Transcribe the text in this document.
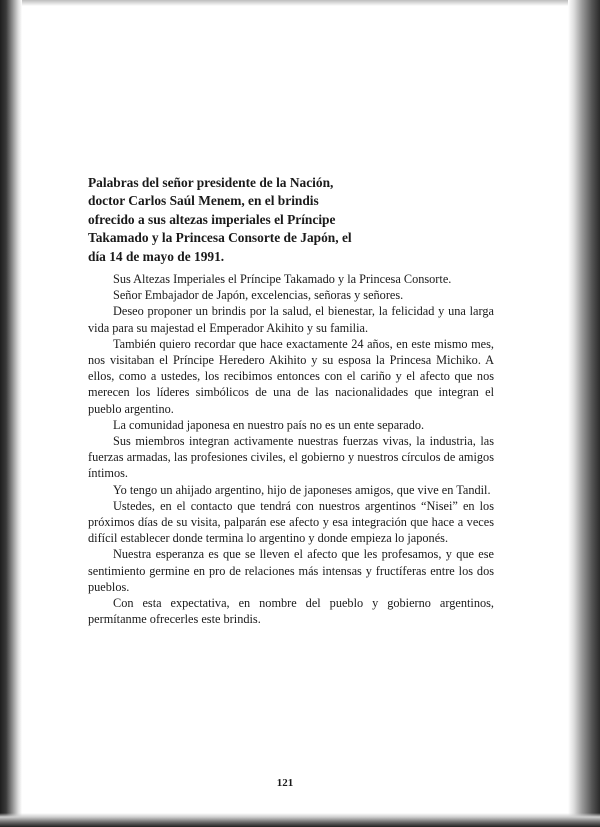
Palabras del señor presidente de la Nación,
doctor Carlos Saúl Menem, en el brindis
ofrecido a sus altezas imperiales el Príncipe
Takamado y la Princesa Consorte de Japón, el
día 14 de mayo de 1991.

Sus Altezas Imperiales el Príncipe Takamado y la Princesa Consorte.

Señor Embajador de Japón, excelencias, señoras y señores.

Deseo proponer un brindis por la salud, el bienestar, la felicidad y una larga vida para su majestad el Emperador Akihito y su familia.

También quiero recordar que hace exactamente 24 años, en este mismo mes, nos visitaban el Príncipe Heredero Akihito y su esposa la Princesa Michiko. A ellos, como a ustedes, los recibimos entonces con el cariño y el afecto que nos merecen los líderes simbólicos de una de las nacionalidades que integran el pueblo argentino.

La comunidad japonesa en nuestro país no es un ente separado.

Sus miembros integran activamente nuestras fuerzas vivas, la industria, las fuerzas armadas, las profesiones civiles, el gobierno y nuestros círculos de amigos íntimos.

Yo tengo un ahijado argentino, hijo de japoneses amigos, que vive en Tandil.

Ustedes, en el contacto que tendrá con nuestros argentinos “Nisei” en los próximos días de su visita, palparán ese afecto y esa integración que hace a veces difícil establecer donde termina lo argentino y donde empieza lo japonés.

Nuestra esperanza es que se lleven el afecto que les profesamos, y que ese sentimiento germine en pro de relaciones más intensas y fructíferas entre los dos pueblos.

Con esta expectativa, en nombre del pueblo y gobierno argentinos, permítanme ofrecerles este brindis.

121
